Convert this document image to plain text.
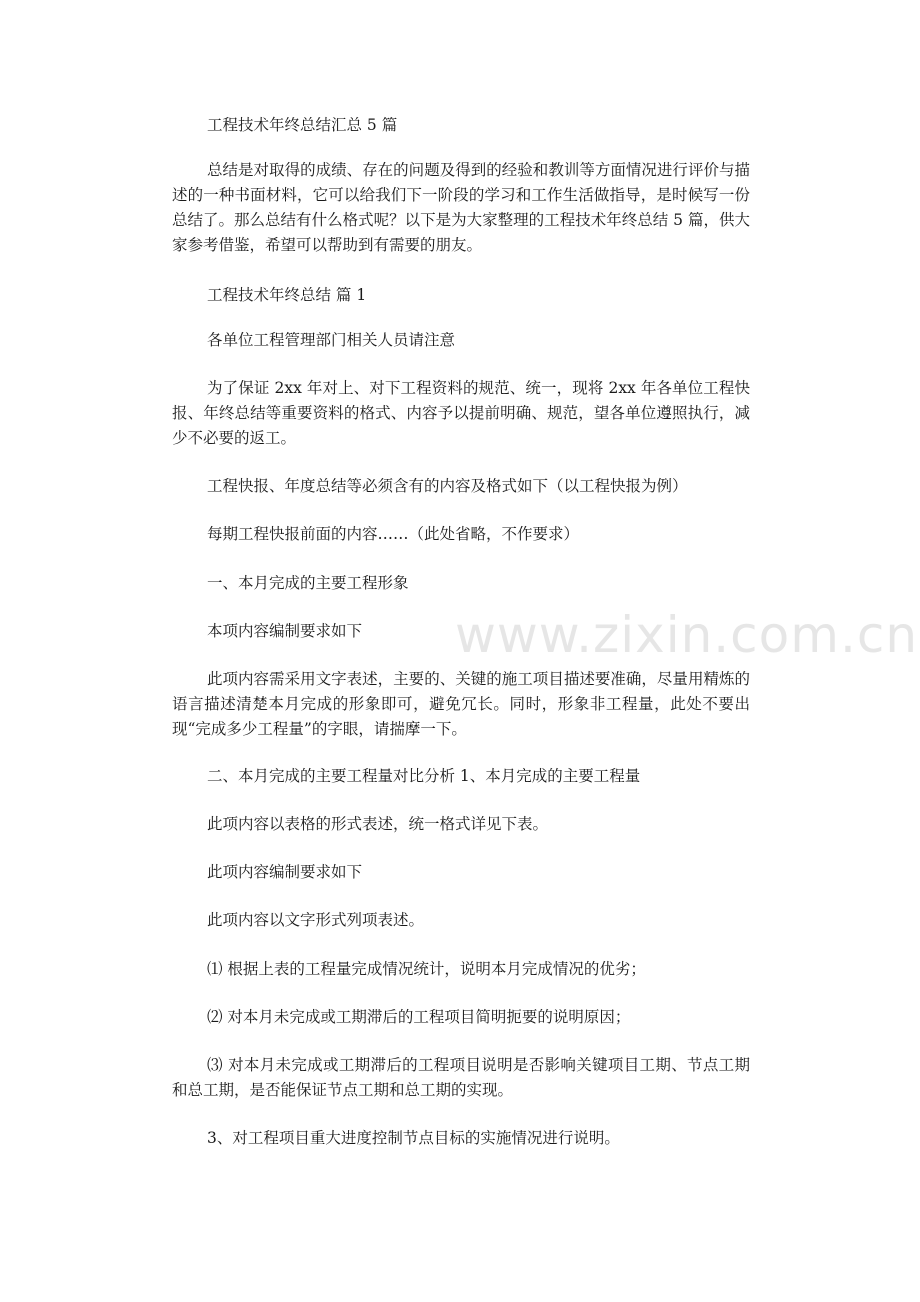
工程技术年终总结汇总 5 篇

总结是对取得的成绩、存在的问题及得到的经验和教训等方面情况进行评价与描述的一种书面材料，它可以给我们下一阶段的学习和工作生活做指导，是时候写一份总结了。那么总结有什么格式呢？以下是为大家整理的工程技术年终总结 5 篇，供大家参考借鉴，希望可以帮助到有需要的朋友。

工程技术年终总结 篇 1

各单位工程管理部门相关人员请注意

为了保证 2xx 年对上、对下工程资料的规范、统一，现将 2xx 年各单位工程快报、年终总结等重要资料的格式、内容予以提前明确、规范，望各单位遵照执行，减少不必要的返工。

工程快报、年度总结等必须含有的内容及格式如下（以工程快报为例）

每期工程快报前面的内容……（此处省略，不作要求）

一、本月完成的主要工程形象

本项内容编制要求如下

此项内容需采用文字表述，主要的、关键的施工项目描述要准确，尽量用精炼的语言描述清楚本月完成的形象即可，避免冗长。同时，形象非工程量，此处不要出现“完成多少工程量”的字眼，请揣摩一下。

二、本月完成的主要工程量对比分析 1、本月完成的主要工程量

此项内容以表格的形式表述，统一格式详见下表。

此项内容编制要求如下

此项内容以文字形式列项表述。

⑴ 根据上表的工程量完成情况统计，说明本月完成情况的优劣；

⑵ 对本月未完成或工期滞后的工程项目简明扼要的说明原因；

⑶ 对本月未完成或工期滞后的工程项目说明是否影响关键项目工期、节点工期和总工期，是否能保证节点工期和总工期的实现。

3、对工程项目重大进度控制节点目标的实施情况进行说明。

www.zixin.com.cn
